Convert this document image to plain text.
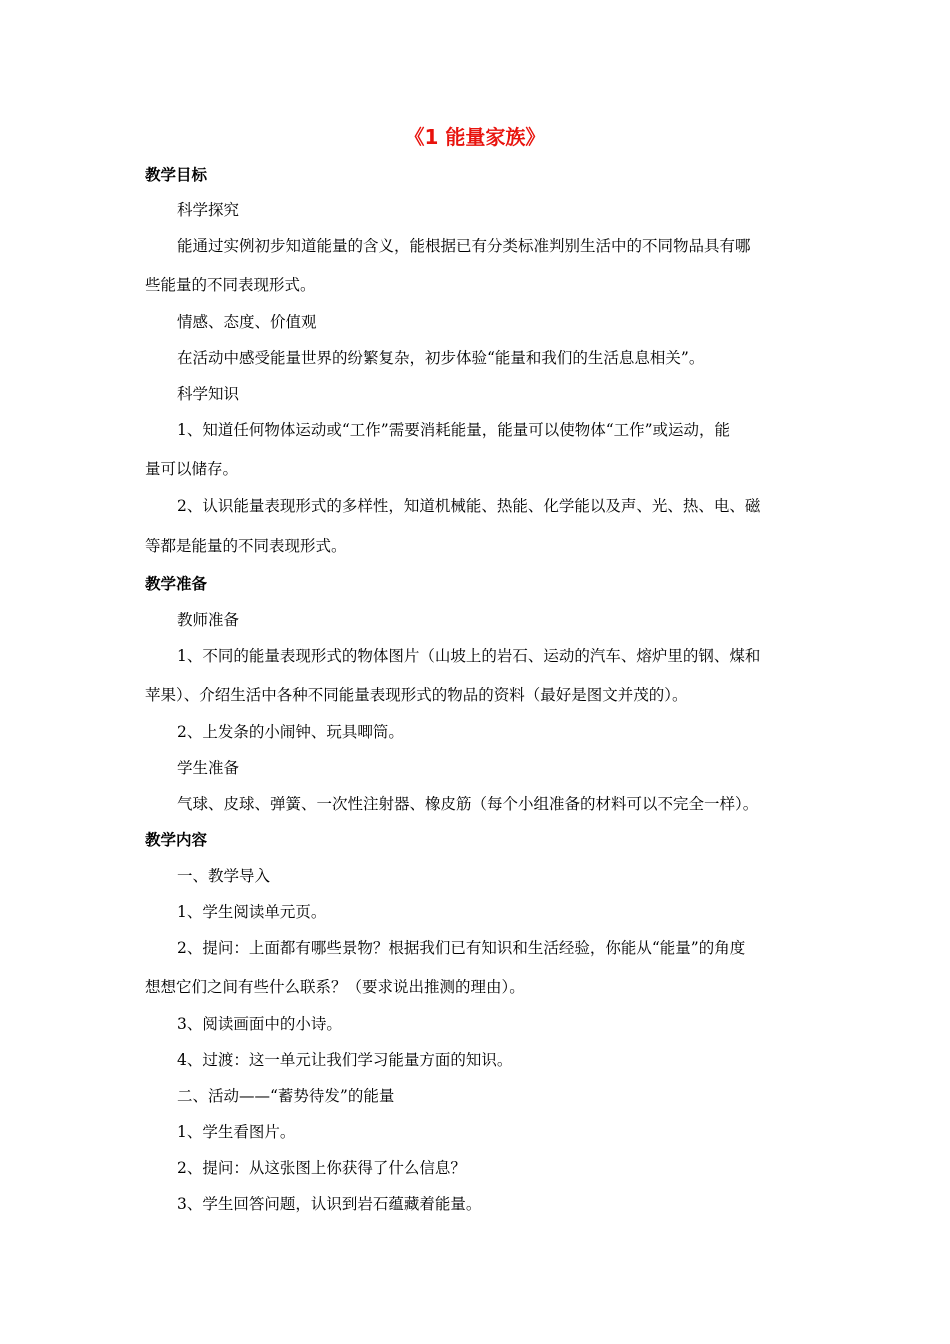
《1 能量家族》
教学目标
科学探究
能通过实例初步知道能量的含义，能根据已有分类标准判别生活中的不同物品具有哪
些能量的不同表现形式。
情感、态度、价值观
在活动中感受能量世界的纷繁复杂，初步体验“能量和我们的生活息息相关”。
科学知识
1、知道任何物体运动或“工作”需要消耗能量，能量可以使物体“工作”或运动，能
量可以储存。
2、认识能量表现形式的多样性，知道机械能、热能、化学能以及声、光、热、电、磁
等都是能量的不同表现形式。
教学准备
教师准备
1、不同的能量表现形式的物体图片（山坡上的岩石、运动的汽车、熔炉里的钢、煤和
苹果）、介绍生活中各种不同能量表现形式的物品的资料（最好是图文并茂的）。
2、上发条的小闹钟、玩具唧筒。
学生准备
气球、皮球、弹簧、一次性注射器、橡皮筋（每个小组准备的材料可以不完全一样）。
教学内容
一、教学导入
1、学生阅读单元页。
2、提问：上面都有哪些景物？根据我们已有知识和生活经验，你能从“能量”的角度
想想它们之间有些什么联系？（要求说出推测的理由）。
3、阅读画面中的小诗。
4、过渡：这一单元让我们学习能量方面的知识。
二、活动——“蓄势待发”的能量
1、学生看图片。
2、提问：从这张图上你获得了什么信息？
3、学生回答问题，认识到岩石蕴藏着能量。
